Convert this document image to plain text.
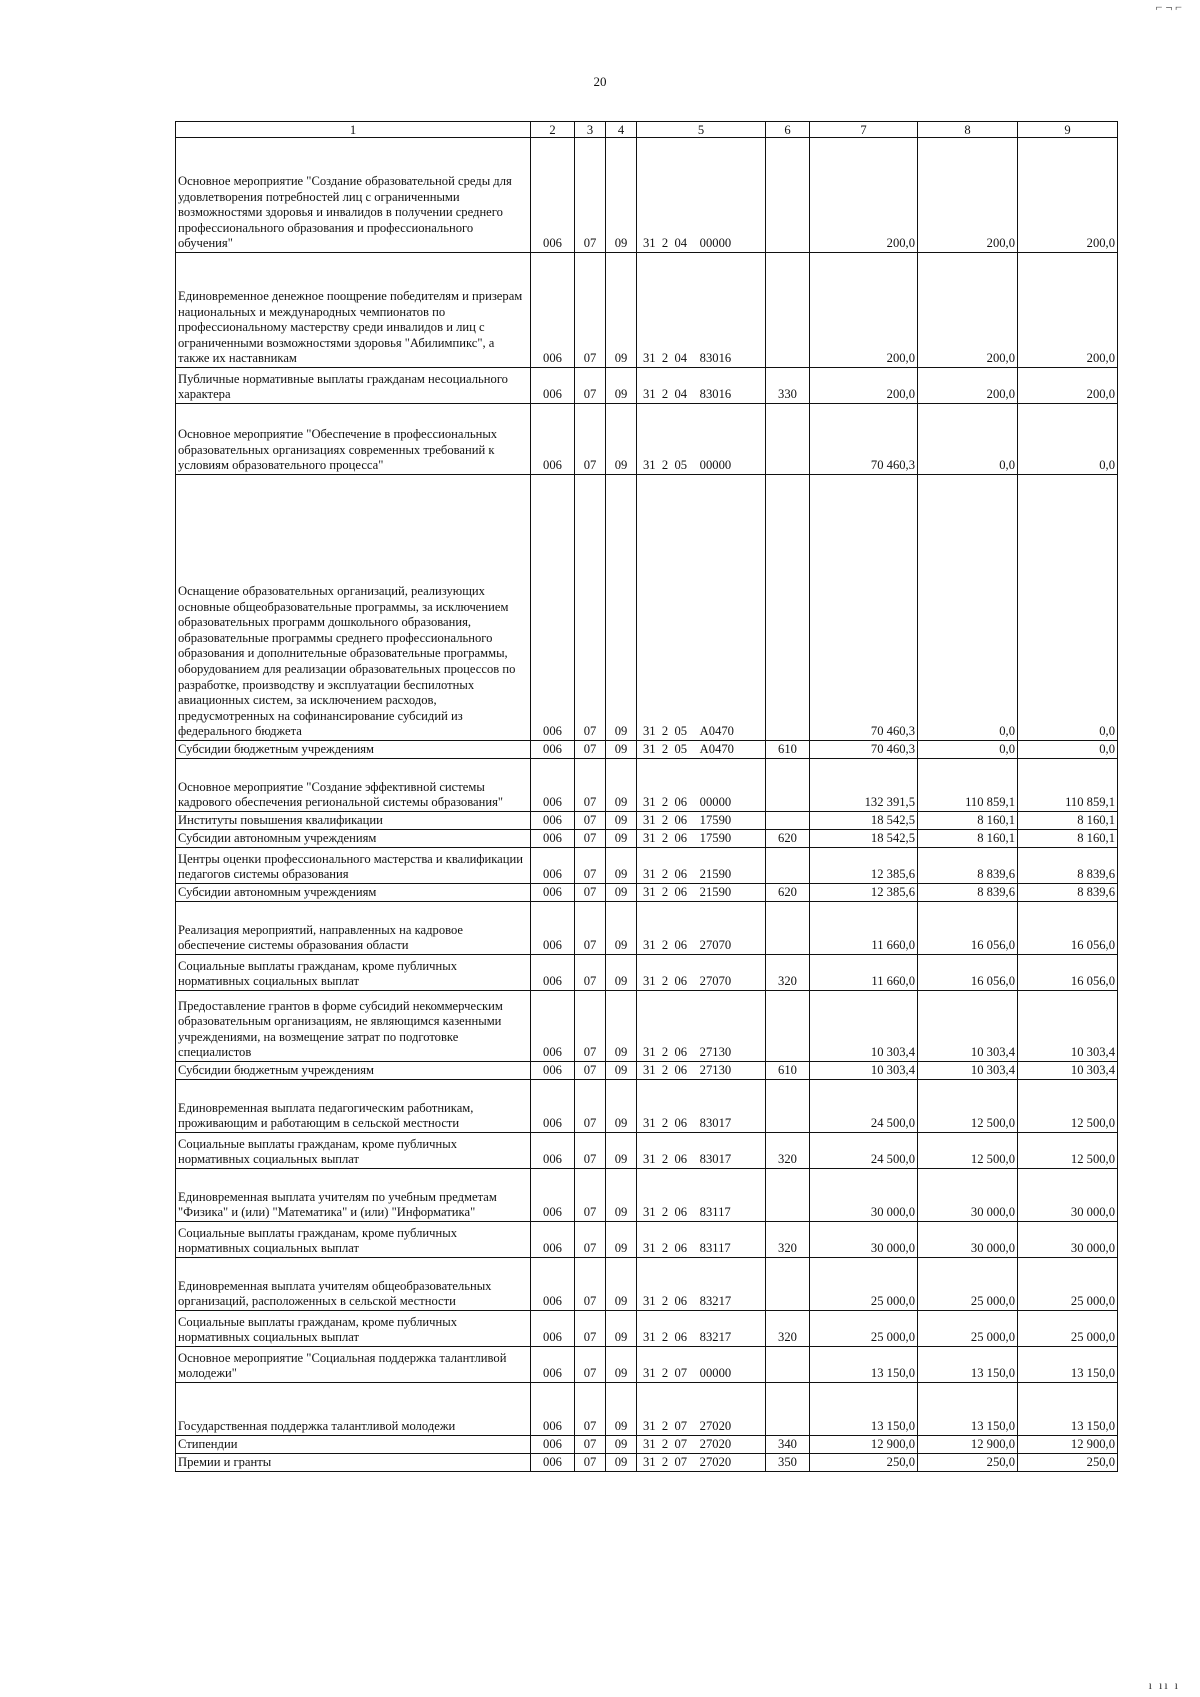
20
1	2	3	4	5	6	7	8	9
Основное мероприятие "Создание образовательной среды для удовлетворения потребностей лиц с ограниченными возможностями здоровья и инвалидов в получении среднего профессионального образования и профессионального обучения"	006	07	09	31  2  04    00000		200,0	200,0	200,0
Единовременное денежное поощрение победителям и призерам национальных и международных чемпионатов по профессиональному мастерству среди инвалидов и лиц с ограниченными возможностями здоровья "Абилимпикс", а также их наставникам	006	07	09	31  2  04    83016		200,0	200,0	200,0
Публичные нормативные выплаты гражданам несоциального характера	006	07	09	31  2  04    83016	330	200,0	200,0	200,0
Основное мероприятие "Обеспечение в профессиональных образовательных организациях современных требований к условиям образовательного процесса"	006	07	09	31  2  05    00000		70 460,3	0,0	0,0
Оснащение образовательных организаций, реализующих основные общеобразовательные программы, за исключением образовательных программ дошкольного образования, образовательные программы среднего профессионального образования и дополнительные образовательные программы, оборудованием для реализации образовательных процессов по разработке, производству и эксплуатации беспилотных авиационных систем, за исключением расходов, предусмотренных на софинансирование субсидий из федерального бюджета	006	07	09	31  2  05    А0470		70 460,3	0,0	0,0
Субсидии бюджетным учреждениям	006	07	09	31  2  05    А0470	610	70 460,3	0,0	0,0
Основное мероприятие "Создание эффективной системы кадрового обеспечения региональной системы образования"	006	07	09	31  2  06    00000		132 391,5	110 859,1	110 859,1
Институты повышения квалификации	006	07	09	31  2  06    17590		18 542,5	8 160,1	8 160,1
Субсидии автономным учреждениям	006	07	09	31  2  06    17590	620	18 542,5	8 160,1	8 160,1
Центры оценки профессионального мастерства и квалификации педагогов системы образования	006	07	09	31  2  06    21590		12 385,6	8 839,6	8 839,6
Субсидии автономным учреждениям	006	07	09	31  2  06    21590	620	12 385,6	8 839,6	8 839,6
Реализация мероприятий, направленных на кадровое обеспечение системы образования области	006	07	09	31  2  06    27070		11 660,0	16 056,0	16 056,0
Социальные выплаты гражданам, кроме публичных нормативных социальных выплат	006	07	09	31  2  06    27070	320	11 660,0	16 056,0	16 056,0
Предоставление грантов в форме субсидий некоммерческим образовательным организациям, не являющимся казенными учреждениями, на возмещение затрат по подготовке специалистов	006	07	09	31  2  06    27130		10 303,4	10 303,4	10 303,4
Субсидии бюджетным учреждениям	006	07	09	31  2  06    27130	610	10 303,4	10 303,4	10 303,4
Единовременная выплата педагогическим работникам, проживающим и работающим в сельской местности	006	07	09	31  2  06    83017		24 500,0	12 500,0	12 500,0
Социальные выплаты гражданам, кроме публичных нормативных социальных выплат	006	07	09	31  2  06    83017	320	24 500,0	12 500,0	12 500,0
Единовременная выплата учителям по учебным предметам "Физика" и (или) "Математика" и (или) "Информатика"	006	07	09	31  2  06    83117		30 000,0	30 000,0	30 000,0
Социальные выплаты гражданам, кроме публичных нормативных социальных выплат	006	07	09	31  2  06    83117	320	30 000,0	30 000,0	30 000,0
Единовременная выплата учителям общеобразовательных организаций, расположенных в сельской местности	006	07	09	31  2  06    83217		25 000,0	25 000,0	25 000,0
Социальные выплаты гражданам, кроме публичных нормативных социальных выплат	006	07	09	31  2  06    83217	320	25 000,0	25 000,0	25 000,0
Основное мероприятие "Социальная поддержка талантливой молодежи"	006	07	09	31  2  07    00000		13 150,0	13 150,0	13 150,0
Государственная поддержка талантливой молодежи	006	07	09	31  2  07    27020		13 150,0	13 150,0	13 150,0
Стипендии	006	07	09	31  2  07    27020	340	12 900,0	12 900,0	12 900,0
Премии и гранты	006	07	09	31  2  07    27020	350	250,0	250,0	250,0
⌐ ¬ ⌐
ı ıı ı
